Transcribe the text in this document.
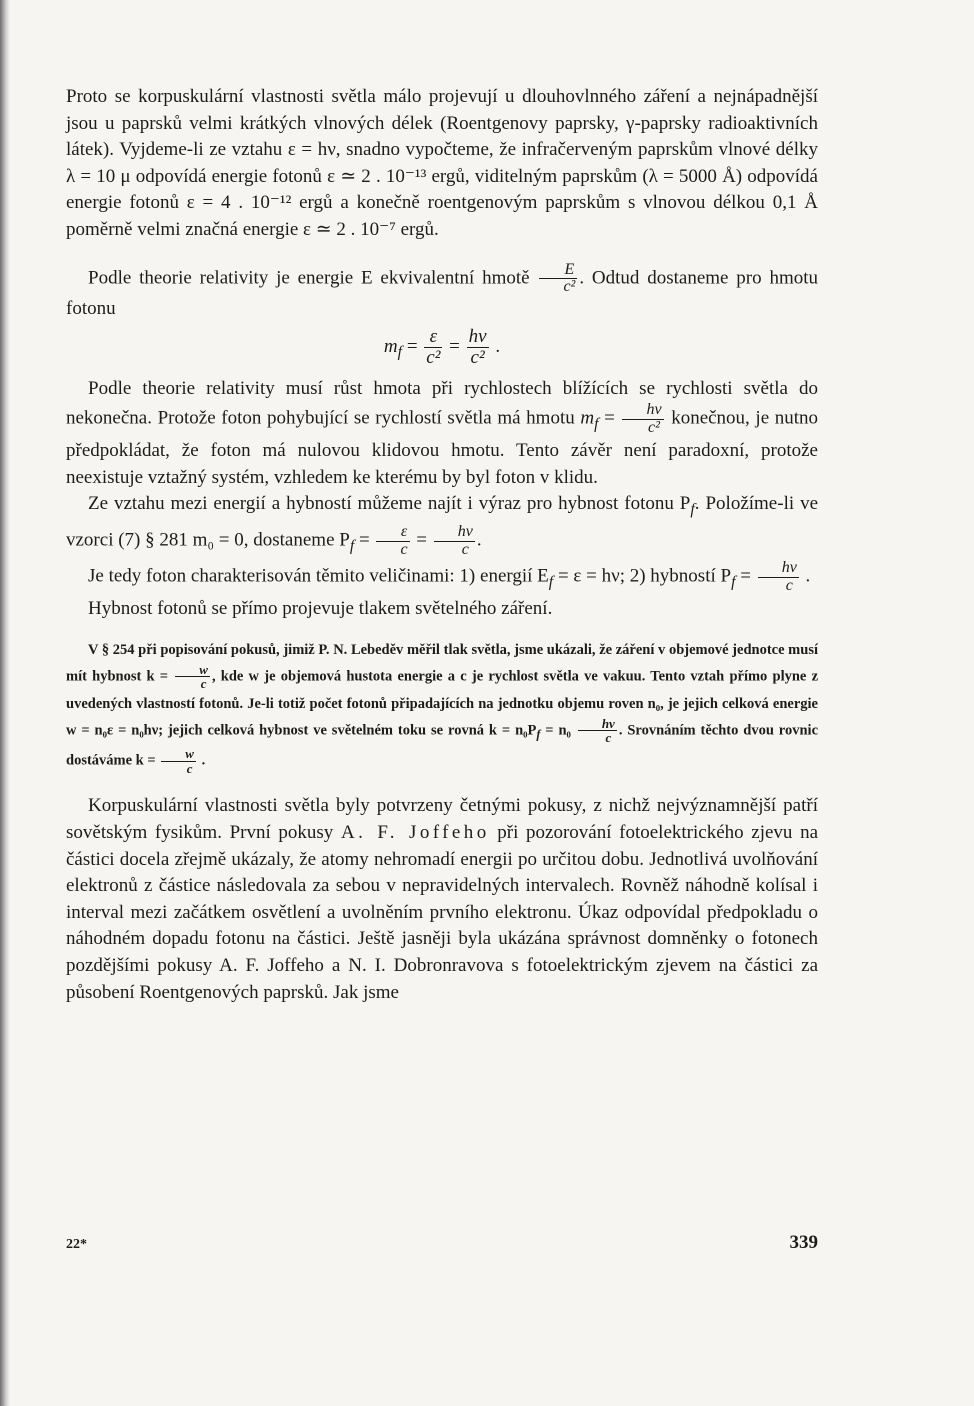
Proto se korpuskulární vlastnosti světla málo projevují u dlouhovlnného záření a nejnápadnější jsou u paprsků velmi krátkých vlnových délek (Roentgenovy paprsky, γ-paprsky radioaktivních látek). Vyjdeme-li ze vztahu ε = hν, snadno vypočteme, že infračerveným paprskům vlnové délky λ = 10 μ odpovídá energie fotonů ε ≃ 2 . 10⁻¹³ ergů, viditelným paprskům (λ = 5000 Å) odpovídá energie fotonů ε = 4 . 10⁻¹² ergů a konečně roentgenovým paprskům s vlnovou délkou 0,1 Å poměrně velmi značná energie ε ≃ 2 . 10⁻⁷ ergů.

Podle theorie relativity je energie E ekvivalentní hmotě $\frac{E}{\text{c²}}$ . Odtud dostaneme pro hmotu fotonu

$m_f = \frac{\varepsilon}{\text{c²}} = \frac{h\nu}{\text{c²}}$ .

Podle theorie relativity musí růst hmota při rychlostech blížících se rychlosti světla do nekonečna. Protože foton pohybující se rychlostí světla má hmotu $m_f = \frac{h\nu}{\text{c²}}$ konečnou, je nutno předpokládat, že foton má nulovou klidovou hmotu. Tento závěr není paradoxní, protože neexistuje vztažný systém, vzhledem ke kterému by byl foton v klidu.

Ze vztahu mezi energií a hybností můžeme najít i výraz pro hybnost fotonu $P_f$. Položíme-li ve vzorci (7) § 281 m₀ = 0, dostaneme $P_f = \frac{\varepsilon}{c} = \frac{h\nu}{c}$ .

Je tedy foton charakterisován těmito veličinami: 1) energií $E_f = \varepsilon = h\nu$; 2) hybností $P_f = \frac{h\nu}{c}$ .

Hybnost fotonů se přímo projevuje tlakem světelného záření.

V § 254 při popisování pokusů, jimiž P. N. Lebeděv měřil tlak světla, jsme ukázali, že záření v objemové jednotce musí mít hybnost $k = \frac{w}{c}$ , kde w je objemová hustota energie a c je rychlost světla ve vakuu. Tento vztah přímo plyne z uvedených vlastností fotonů. Je-li totiž počet fotonů připadajících na jednotku objemu roven n₀, je jejich celková energie w = n₀ε = n₀hν; jejich celková hybnost ve světelném toku se rovná $k = n_0P_f = n_0 \frac{h\nu}{c}$ . Srovnáním těchto dvou rovnic dostáváme $k = \frac{w}{c}$ .

Korpuskulární vlastnosti světla byly potvrzeny četnými pokusy, z nichž nejvýznamnější patří sovětským fysikům. První pokusy A. F. Joffeho při pozorování fotoelektrického zjevu na částici docela zřejmě ukázaly, že atomy nehromadí energii po určitou dobu. Jednotlivá uvolňování elektronů z částice následovala za sebou v nepravidelných intervalech. Rovněž náhodně kolísal i interval mezi začátkem osvětlení a uvolněním prvního elektronu. Úkaz odpovídal předpokladu o náhodném dopadu fotonu na částici. Ještě jasněji byla ukázána správnost domněnky o fotonech pozdějšími pokusy A. F. Joffeho a N. I. Dobronravova s fotoelektrickým zjevem na částici za působení Roentgenových paprsků. Jak jsme

22*	339
